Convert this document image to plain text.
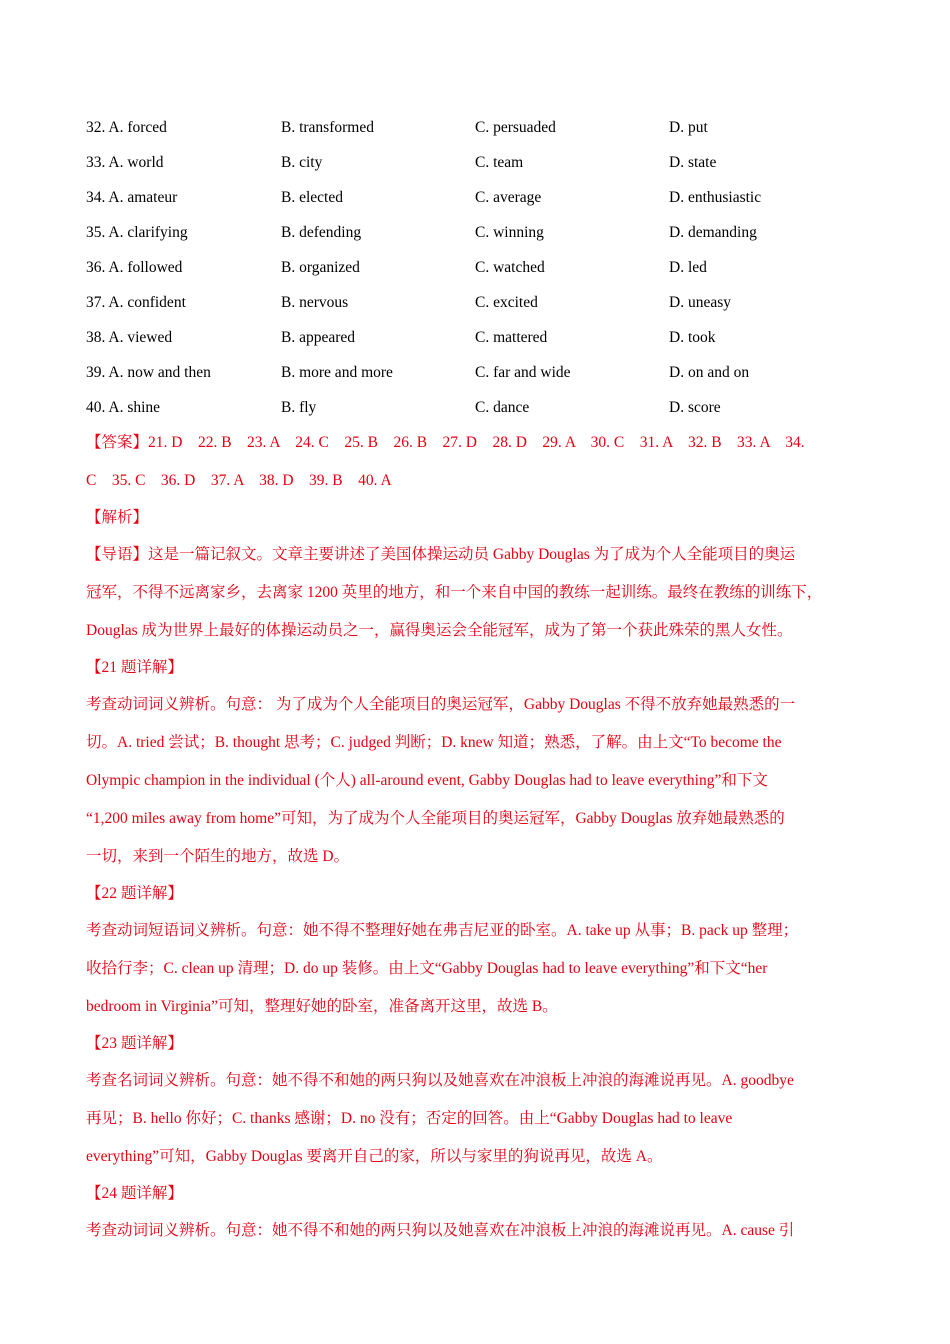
32. A. forced	B. transformed	C. persuaded	D. put
33. A. world	B. city	C. team	D. state
34. A. amateur	B. elected	C. average	D. enthusiastic
35. A. clarifying	B. defending	C. winning	D. demanding
36. A. followed	B. organized	C. watched	D. led
37. A. confident	B. nervous	C. excited	D. uneasy
38. A. viewed	B. appeared	C. mattered	D. took
39. A. now and then	B. more and more	C. far and wide	D. on and on
40. A. shine	B. fly	C. dance	D. score
【答案】21. D　22. B　23. A　24. C　25. B　26. B　27. D　28. D　29. A　30. C　31. A　32. B　33. A　34.
C　35. C　36. D　37. A　38. D　39. B　40. A
【解析】
【导语】这是一篇记叙文。文章主要讲述了美国体操运动员 Gabby Douglas 为了成为个人全能项目的奥运
冠军，不得不远离家乡，去离家 1200 英里的地方，和一个来自中国的教练一起训练。最终在教练的训练下，
Douglas 成为世界上最好的体操运动员之一，赢得奥运会全能冠军，成为了第一个获此殊荣的黑人女性。
【21 题详解】
考查动词词义辨析。句意： 为了成为个人全能项目的奥运冠军，Gabby Douglas 不得不放弃她最熟悉的一
切。A. tried 尝试；B. thought 思考；C. judged 判断；D. knew 知道；熟悉，了解。由上文“To become the
Olympic champion in the individual (个人) all-around event, Gabby Douglas had to leave everything”和下文
“1,200 miles away from home”可知，为了成为个人全能项目的奥运冠军，Gabby Douglas 放弃她最熟悉的
一切，来到一个陌生的地方，故选 D。
【22 题详解】
考查动词短语词义辨析。句意：她不得不整理好她在弗吉尼亚的卧室。A. take up 从事；B. pack up 整理；
收拾行李；C. clean up 清理；D. do up 装修。由上文“Gabby Douglas had to leave everything”和下文“her
bedroom in Virginia”可知，整理好她的卧室，准备离开这里，故选 B。
【23 题详解】
考查名词词义辨析。句意：她不得不和她的两只狗以及她喜欢在冲浪板上冲浪的海滩说再见。A. goodbye
再见；B. hello 你好；C. thanks 感谢；D. no 没有；否定的回答。由上“Gabby Douglas had to leave
everything”可知，Gabby Douglas 要离开自己的家，所以与家里的狗说再见，故选 A。
【24 题详解】
考查动词词义辨析。句意：她不得不和她的两只狗以及她喜欢在冲浪板上冲浪的海滩说再见。A. cause 引
